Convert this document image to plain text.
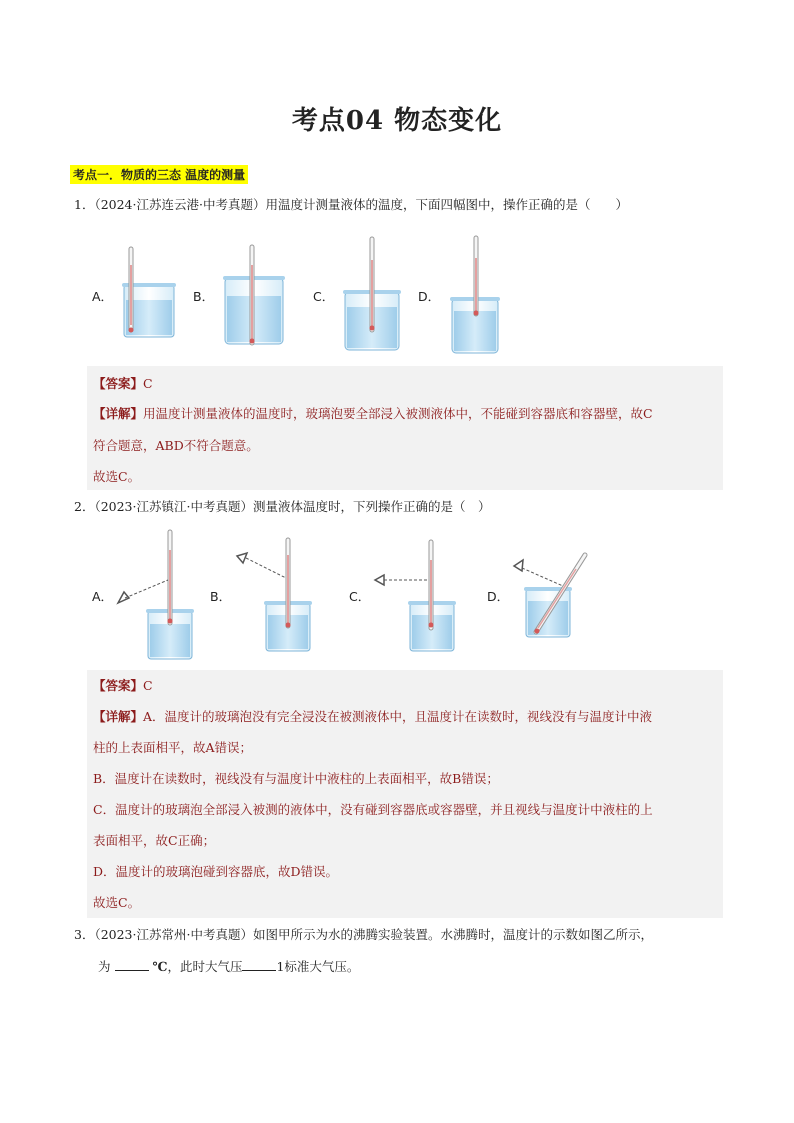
考点04 物态变化
考点一．物质的三态 温度的测量
1．（2024·江苏连云港·中考真题）用温度计测量液体的温度，下面四幅图中，操作正确的是（　　）
A．	B．	C．	D．
【答案】C
【详解】用温度计测量液体的温度时，玻璃泡要全部浸入被测液体中，不能碰到容器底和容器壁，故C
符合题意，ABD不符合题意。
故选C。
2．（2023·江苏镇江·中考真题）测量液体温度时，下列操作正确的是（　）
A．	B．	C．	D．
【答案】C
【详解】A．温度计的玻璃泡没有完全浸没在被测液体中，且温度计在读数时，视线没有与温度计中液
柱的上表面相平，故A错误；
B．温度计在读数时，视线没有与温度计中液柱的上表面相平，故B错误；
C．温度计的玻璃泡全部浸入被测的液体中，没有碰到容器底或容器壁，并且视线与温度计中液柱的上
表面相平，故C正确；
D．温度计的玻璃泡碰到容器底，故D错误。
故选C。
3．（2023·江苏常州·中考真题）如图甲所示为水的沸腾实验装置。水沸腾时，温度计的示数如图乙所示，
为	℃，此时大气压	1标准大气压。
